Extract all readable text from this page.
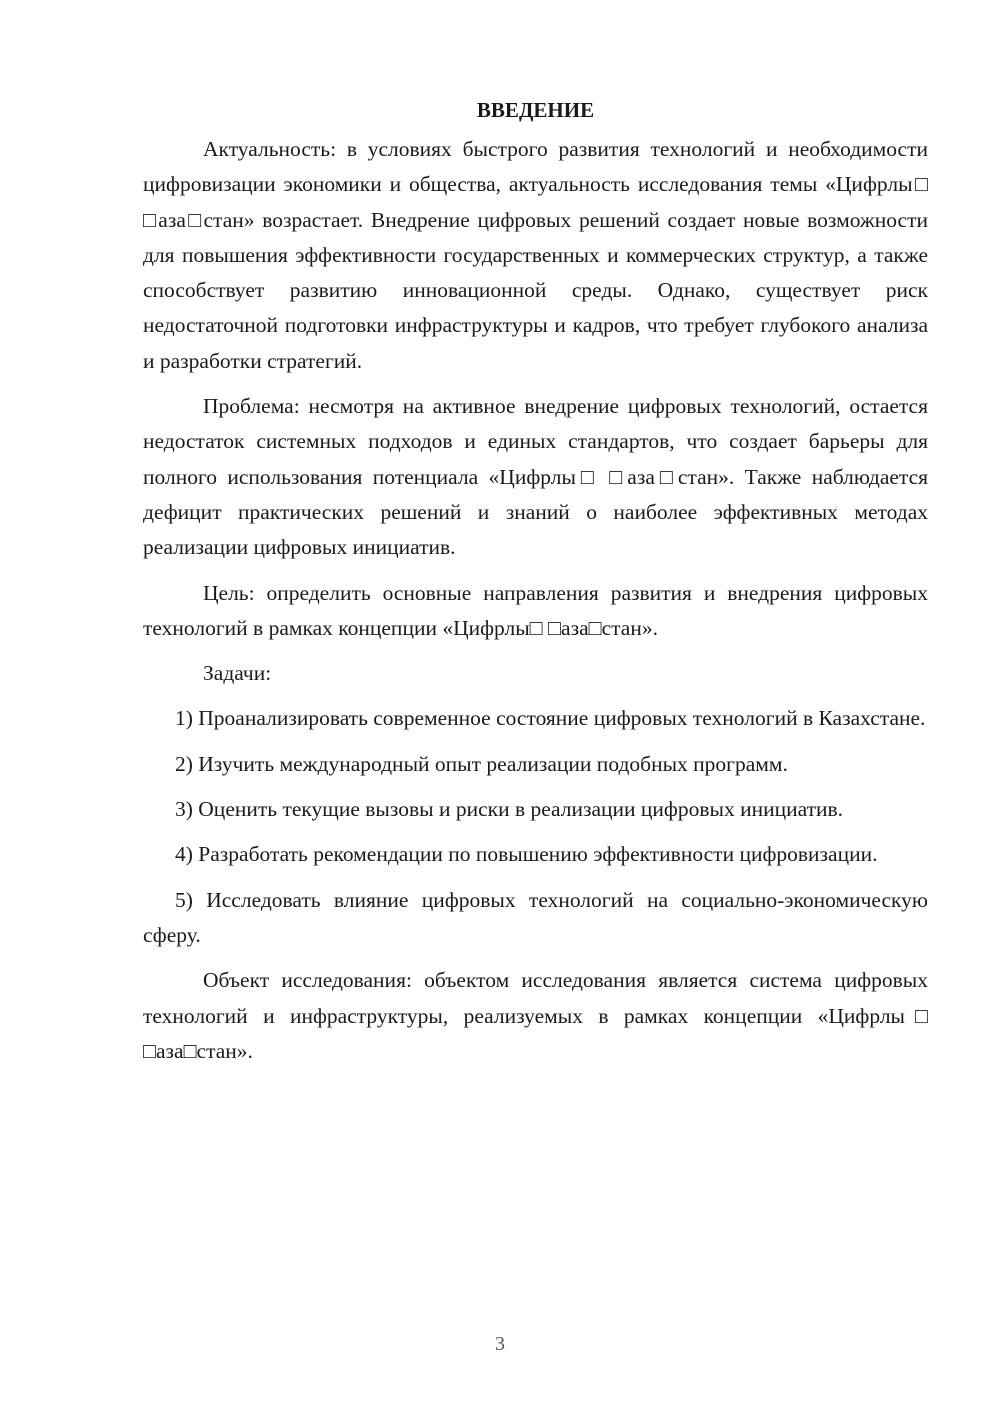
ВВЕДЕНИЕ

Актуальность: в условиях быстрого развития технологий и необходимости цифровизации экономики и общества, актуальность исследования темы «Цифрлы□ □аза□стан» возрастает. Внедрение цифровых решений создает новые возможности для повышения эффективности государственных и коммерческих структур, а также способствует развитию инновационной среды. Однако, существует риск недостаточной подготовки инфраструктуры и кадров, что требует глубокого анализа и разработки стратегий.

Проблема: несмотря на активное внедрение цифровых технологий, остается недостаток системных подходов и единых стандартов, что создает барьеры для полного использования потенциала «Цифрлы□ □аза□стан». Также наблюдается дефицит практических решений и знаний о наиболее эффективных методах реализации цифровых инициатив.

Цель: определить основные направления развития и внедрения цифровых технологий в рамках концепции «Цифрлы□ □аза□стан».

Задачи:

1) Проанализировать современное состояние цифровых технологий в Казахстане.

2) Изучить международный опыт реализации подобных программ.

3) Оценить текущие вызовы и риски в реализации цифровых инициатив.

4) Разработать рекомендации по повышению эффективности цифровизации.

5) Исследовать влияние цифровых технологий на социально-экономическую сферу.

Объект исследования: объектом исследования является система цифровых технологий и инфраструктуры, реализуемых в рамках концепции «Цифрлы□ □аза□стан».

3
